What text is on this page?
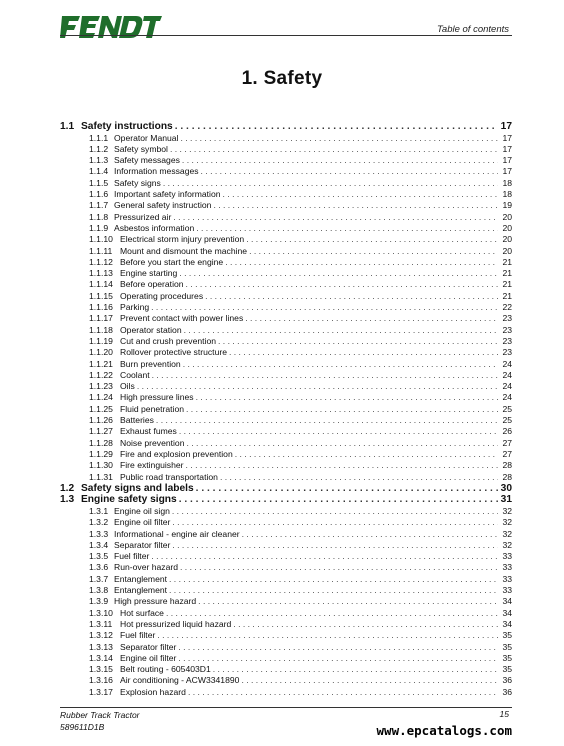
FENDT
Table of contents
1. Safety
1.1 Safety instructions . . .	17
1.1.1 Operator Manual . . .	17
1.1.2 Safety symbol . . .	17
1.1.3 Safety messages . . .	17
1.1.4 Information messages . . .	17
1.1.5 Safety signs . . .	18
1.1.6 Important safety information . . .	18
1.1.7 General safety instruction . . .	19
1.1.8 Pressurized air . . .	20
1.1.9 Asbestos information . . .	20
1.1.10 Electrical storm injury prevention . . .	20
1.1.11 Mount and dismount the machine . . .	20
1.1.12 Before you start the engine . . .	21
1.1.13 Engine starting . . .	21
1.1.14 Before operation . . .	21
1.1.15 Operating procedures . . .	21
1.1.16 Parking . . .	22
1.1.17 Prevent contact with power lines . . .	23
1.1.18 Operator station . . .	23
1.1.19 Cut and crush prevention . . .	23
1.1.20 Rollover protective structure . . .	23
1.1.21 Burn prevention . . .	24
1.1.22 Coolant . . .	24
1.1.23 Oils . . .	24
1.1.24 High pressure lines . . .	24
1.1.25 Fluid penetration . . .	25
1.1.26 Batteries . . .	25
1.1.27 Exhaust fumes . . .	26
1.1.28 Noise prevention . . .	27
1.1.29 Fire and explosion prevention . . .	27
1.1.30 Fire extinguisher . . .	28
1.1.31 Public road transportation . . .	28
1.2 Safety signs and labels . . .	30
1.3 Engine safety signs . . .	31
1.3.1 Engine oil sign . . .	32
1.3.2 Engine oil filter . . .	32
1.3.3 Informational - engine air cleaner . . .	32
1.3.4 Separator filter . . .	32
1.3.5 Fuel filter . . .	33
1.3.6 Run-over hazard . . .	33
1.3.7 Entanglement . . .	33
1.3.8 Entanglement . . .	33
1.3.9 High pressure hazard . . .	34
1.3.10 Hot surface . . .	34
1.3.11 Hot pressurized liquid hazard . . .	34
1.3.12 Fuel filter . . .	35
1.3.13 Separator filter . . .	35
1.3.14 Engine oil filter . . .	35
1.3.15 Belt routing - 605403D1 . . .	35
1.3.16 Air conditioning - ACW3341890 . . .	36
1.3.17 Explosion hazard . . .	36
Rubber Track Tractor
589611D1B
15
www.epcatalogs.com
